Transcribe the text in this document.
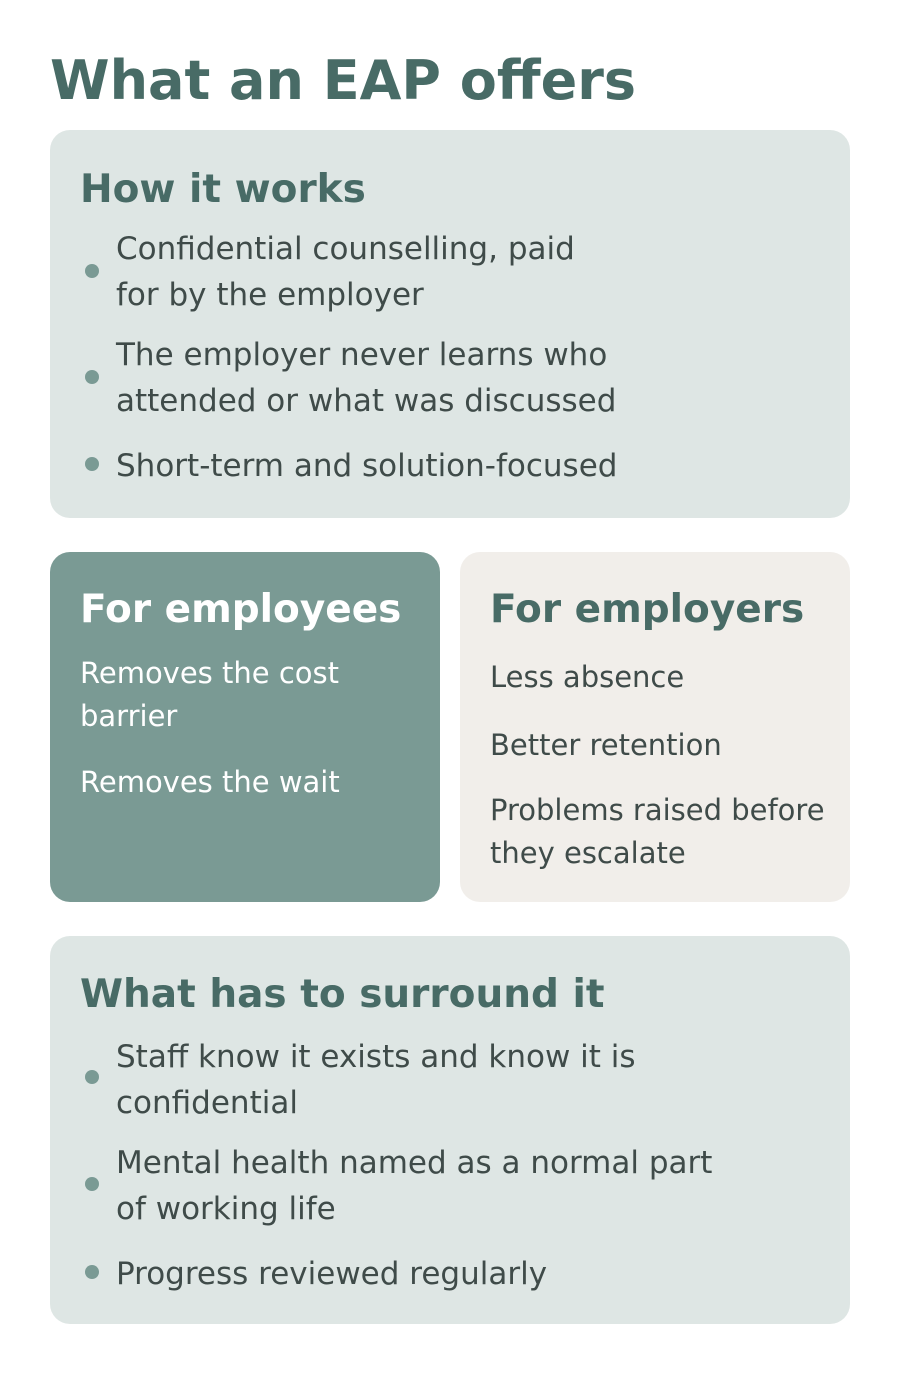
What an EAP offers
How it works
Confidential counselling, paid for by the employer
The employer never learns who attended or what was discussed
Short-term and solution-focused
For employees
Removes the cost barrier
Removes the wait
For employers
Less absence
Better retention
Problems raised before they escalate
What has to surround it
Staff know it exists and know it is confidential
Mental health named as a normal part of working life
Progress reviewed regularly
